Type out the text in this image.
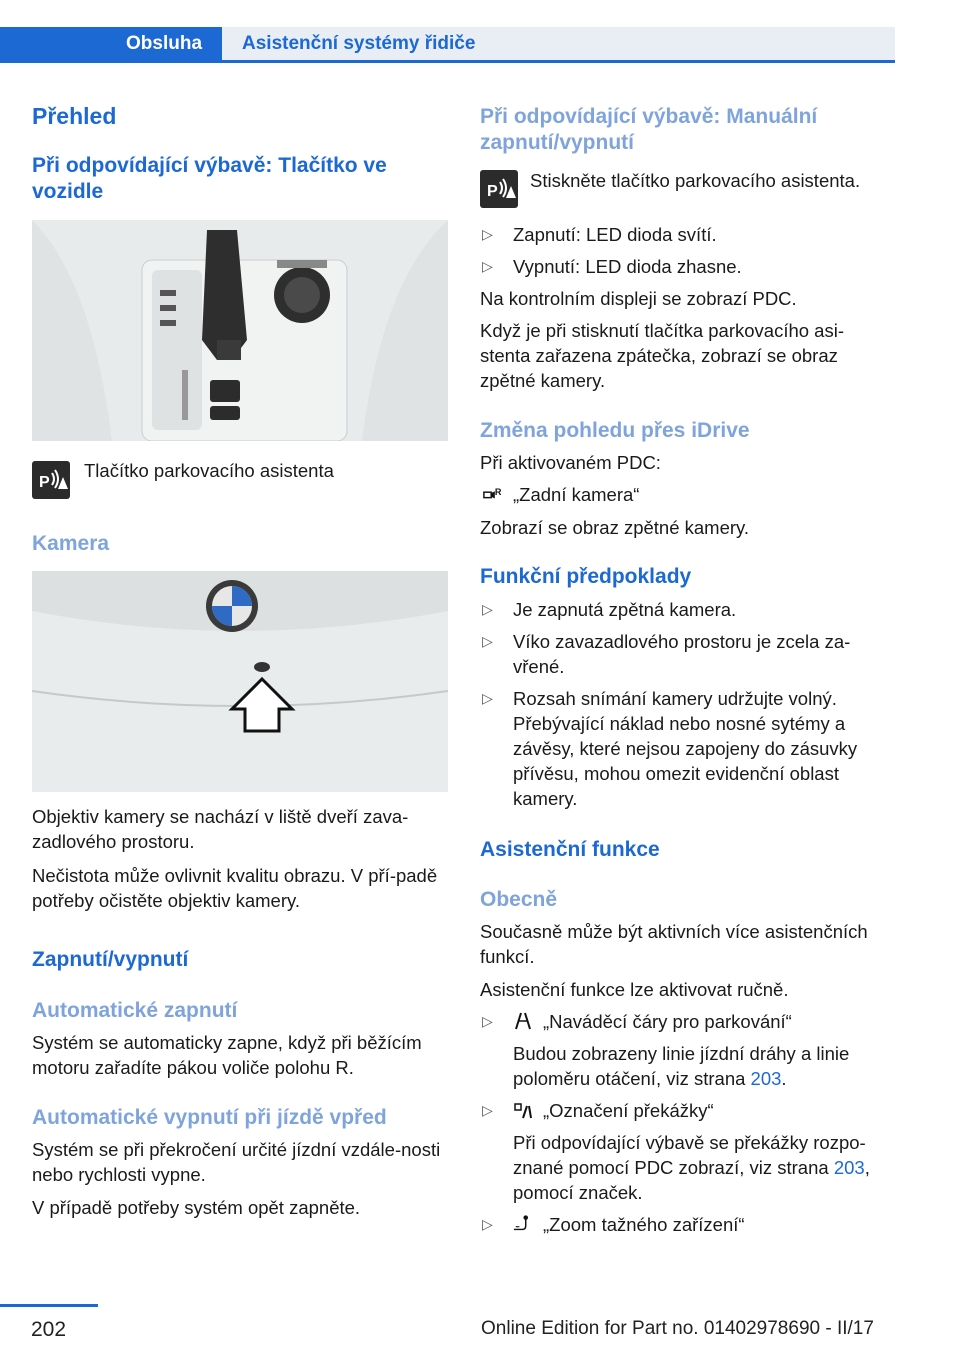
Obsluha	Asistenční systémy řidiče
Přehled
Při odpovídající výbavě: Tlačítko ve vozidle
P
Tlačítko parkovacího asistenta
Kamera

Objektiv kamery se nachází v liště dveří zava-zadlového prostoru.

Nečistota může ovlivnit kvalitu obrazu. V pří-padě potřeby očistěte objektiv kamery.

Zapnutí/vypnutí
Automatické zapnutí

Systém se automaticky zapne, když při běžícím motoru zařadíte pákou voliče polohu R.

Automatické vypnutí při jízdě vpřed

Systém se při překročení určité jízdní vzdále-nosti nebo rychlosti vypne.

V případě potřeby systém opět zapněte.

Při odpovídající výbavě: Manuální zapnutí/vypnutí
P
Stiskněte tlačítko parkovacího asistenta.
▷ Zapnutí: LED dioda svítí.
▷ Vypnutí: LED dioda zhasne.

Na kontrolním displeji se zobrazí PDC.

Když je při stisknutí tlačítka parkovacího asi-stenta zařazena zpátečka, zobrazí se obraz zpětné kamery.

Změna pohledu přes iDrive

Při aktivovaném PDC:

R „Zadní kamera“

Zobrazí se obraz zpětné kamery.

Funkční předpoklady
▷ Je zapnutá zpětná kamera.
▷ Víko zavazadlového prostoru je zcela za-vřené.
▷ Rozsah snímání kamery udržujte volný. Přebývající náklad nebo nosné sytémy a závěsy, které nejsou zapojeny do zásuvky přívěsu, mohou omezit evidenční oblast kamery.
Asistenční funkce
Obecně

Současně může být aktivních více asistenčních funkcí.

Asistenční funkce lze aktivovat ručně.

▷	„Naváděcí čáry pro parkování“
Budou zobrazeny linie jízdní dráhy a linie poloměru otáčení, viz strana 203.
▷	„Označení překážky“
Při odpovídající výbavě se překážky rozpo-znané pomocí PDC zobrazí, viz strana 203, pomocí značek.
▷	„Zoom tažného zařízení“
202	Online Edition for Part no. 01402978690 - II/17
